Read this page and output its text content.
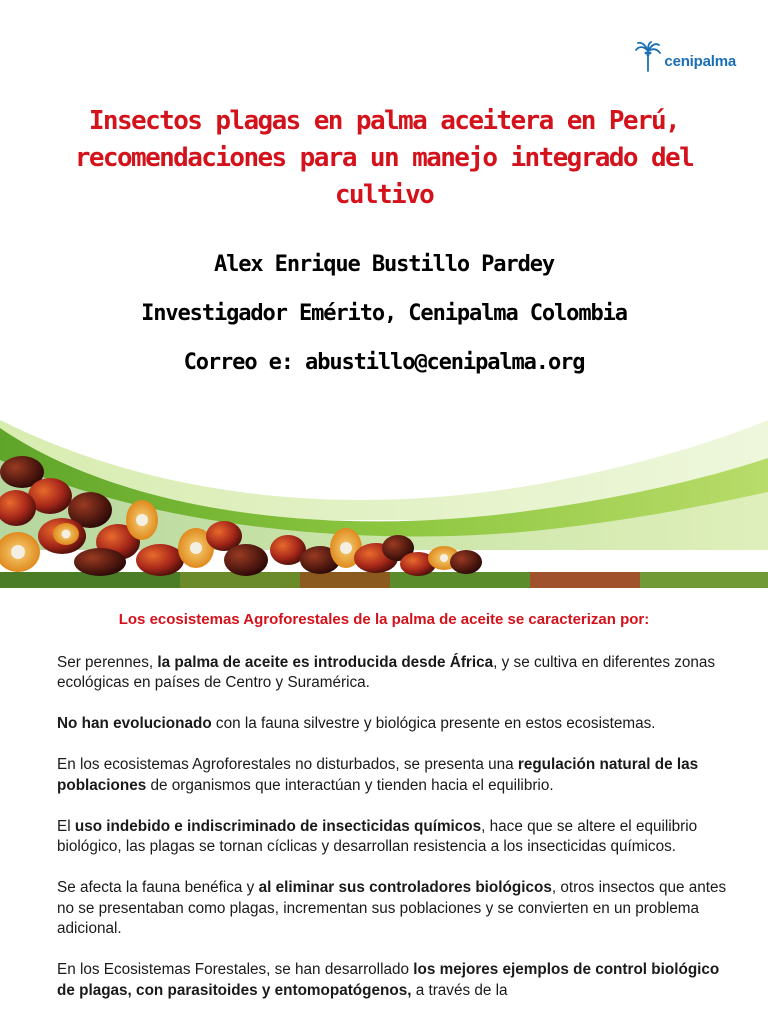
cenipalma
Insectos plagas en palma aceitera en Perú,
recomendaciones para un manejo integrado del
cultivo
Alex Enrique Bustillo Pardey
Investigador Emérito, Cenipalma Colombia
Correo e: abustillo@cenipalma.org
Los ecosistemas Agroforestales de la palma de aceite se caracterizan por:

Ser perennes, la palma de aceite es introducida desde África, y se cultiva en diferentes zonas ecológicas en países de Centro y Suramérica.

No han evolucionado con la fauna silvestre y biológica presente en estos ecosistemas.

En los ecosistemas Agroforestales no disturbados, se presenta una regulación natural de las poblaciones de organismos que interactúan y tienden hacia el equilibrio.

El uso indebido e indiscriminado de insecticidas químicos, hace que se altere el equilibrio biológico, las plagas se tornan cíclicas y desarrollan resistencia a los insecticidas químicos.

Se afecta la fauna benéfica y al eliminar sus controladores biológicos, otros insectos que antes no se presentaban como plagas, incrementan sus poblaciones y se convierten en un problema adicional.

En los Ecosistemas Forestales, se han desarrollado los mejores ejemplos de control biológico de plagas, con parasitoides y entomopatógenos, a través de la
